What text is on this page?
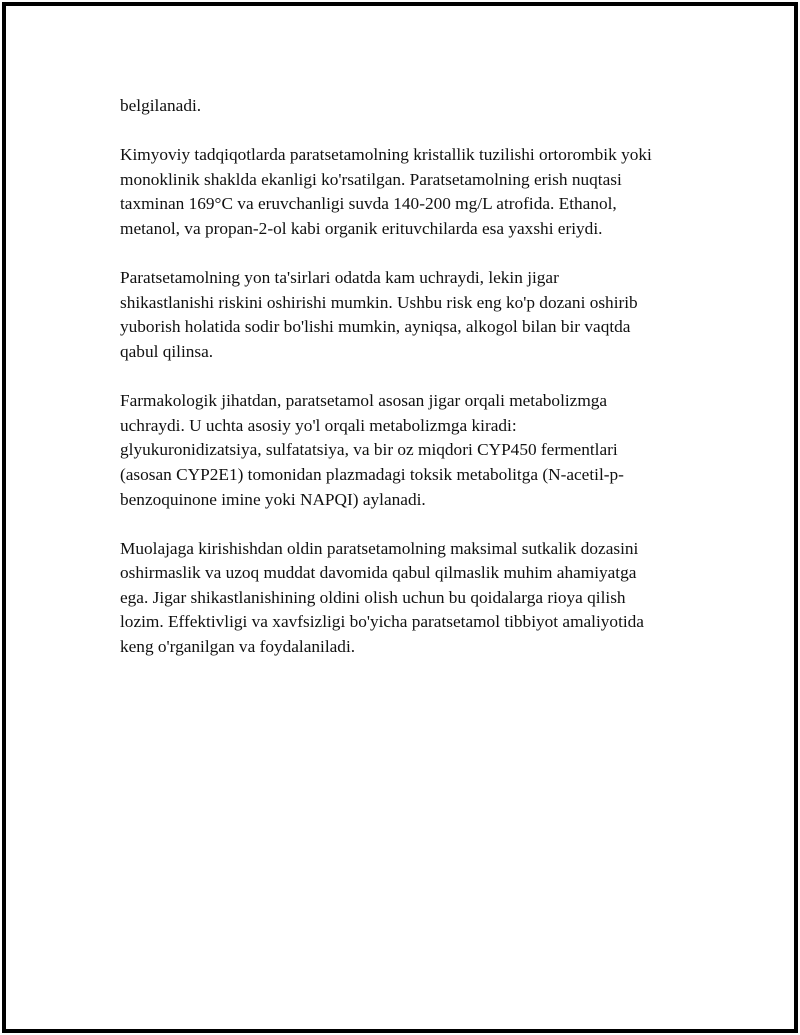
belgilanadi.

Kimyoviy tadqiqotlarda paratsetamolning kristallik tuzilishi ortorombik yoki
monoklinik shaklda ekanligi ko'rsatilgan. Paratsetamolning erish nuqtasi
taxminan 169°C va eruvchanligi suvda 140-200 mg/L atrofida. Ethanol,
metanol, va propan-2-ol kabi organik erituvchilarda esa yaxshi eriydi.

Paratsetamolning yon ta'sirlari odatda kam uchraydi, lekin jigar
shikastlanishi riskini oshirishi mumkin. Ushbu risk eng ko'p dozani oshirib
yuborish holatida sodir bo'lishi mumkin, ayniqsa, alkogol bilan bir vaqtda
qabul qilinsa.

Farmakologik jihatdan, paratsetamol asosan jigar orqali metabolizmga
uchraydi. U uchta asosiy yo'l orqali metabolizmga kiradi:
glyukuronidizatsiya, sulfatatsiya, va bir oz miqdori CYP450 fermentlari
(asosan CYP2E1) tomonidan plazmadagi toksik metabolitga (N-acetil-p-
benzoquinone imine yoki NAPQI) aylanadi.

Muolajaga kirishishdan oldin paratsetamolning maksimal sutkalik dozasini
oshirmaslik va uzoq muddat davomida qabul qilmaslik muhim ahamiyatga
ega. Jigar shikastlanishining oldini olish uchun bu qoidalarga rioya qilish
lozim. Effektivligi va xavfsizligi bo'yicha paratsetamol tibbiyot amaliyotida
keng o'rganilgan va foydalaniladi.
